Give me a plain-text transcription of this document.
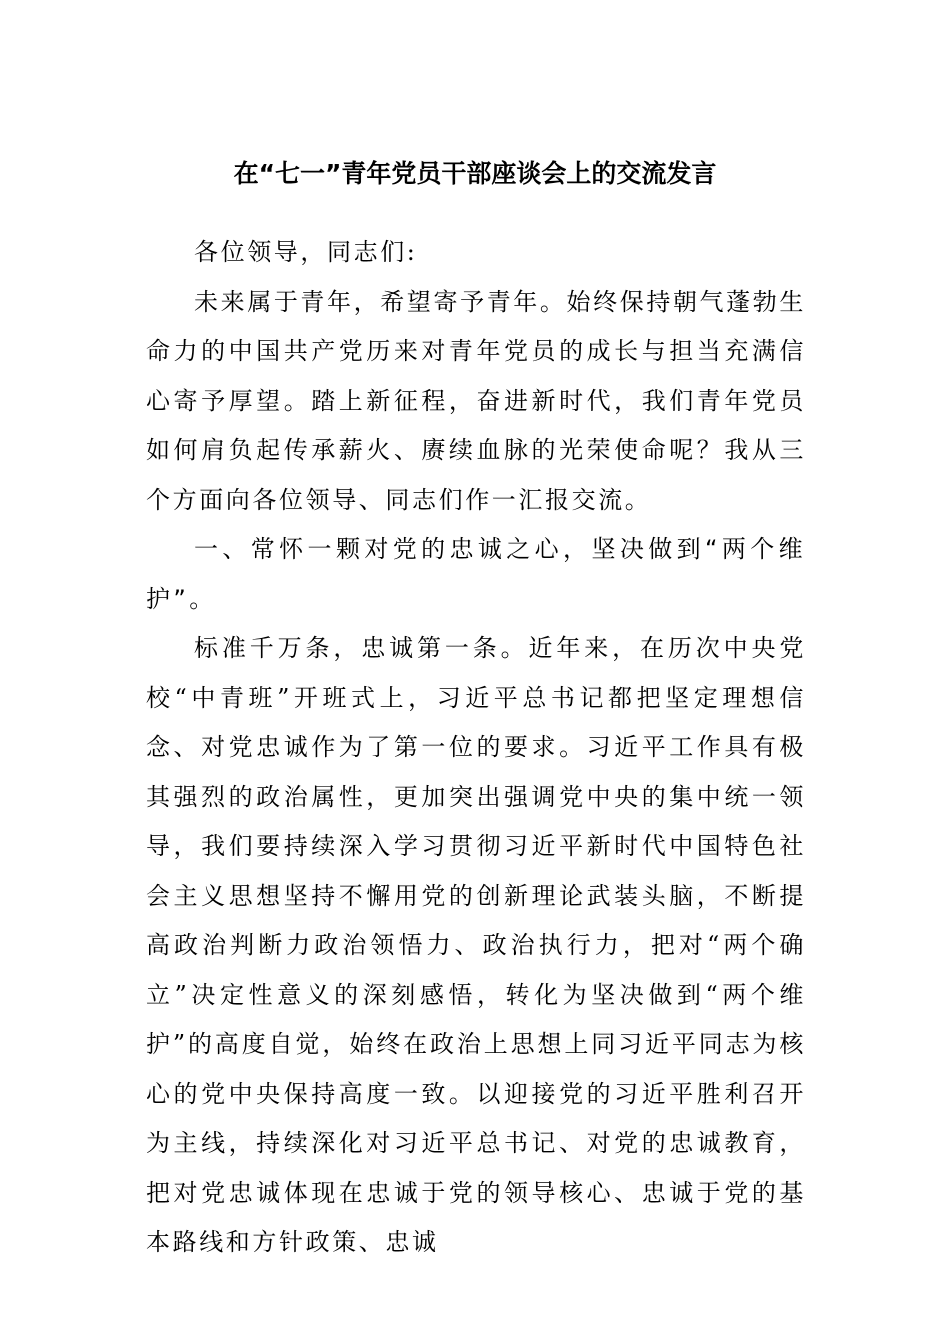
在“七一”青年党员干部座谈会上的交流发言

各位领导，同志们:

未来属于青年，希望寄予青年。始终保持朝气蓬勃生命力的中国共产党历来对青年党员的成长与担当充满信心寄予厚望。踏上新征程，奋进新时代，我们青年党员如何肩负起传承薪火、赓续血脉的光荣使命呢？我从三个方面向各位领导、同志们作一汇报交流。

一、常怀一颗对党的忠诚之心，坚决做到“两个维护”。

标准千万条，忠诚第一条。近年来，在历次中央党校“中青班”开班式上，习近平总书记都把坚定理想信念、对党忠诚作为了第一位的要求。习近平工作具有极其强烈的政治属性，更加突出强调党中央的集中统一领导，我们要持续深入学习贯彻习近平新时代中国特色社会主义思想坚持不懈用党的创新理论武装头脑，不断提高政治判断力政治领悟力、政治执行力，把对“两个确立”决定性意义的深刻感悟，转化为坚决做到“两个维护”的高度自觉，始终在政治上思想上同习近平同志为核心的党中央保持高度一致。以迎接党的习近平胜利召开为主线，持续深化对习近平总书记、对党的忠诚教育，把对党忠诚体现在忠诚于党的领导核心、忠诚于党的基本路线和方针政策、忠诚
